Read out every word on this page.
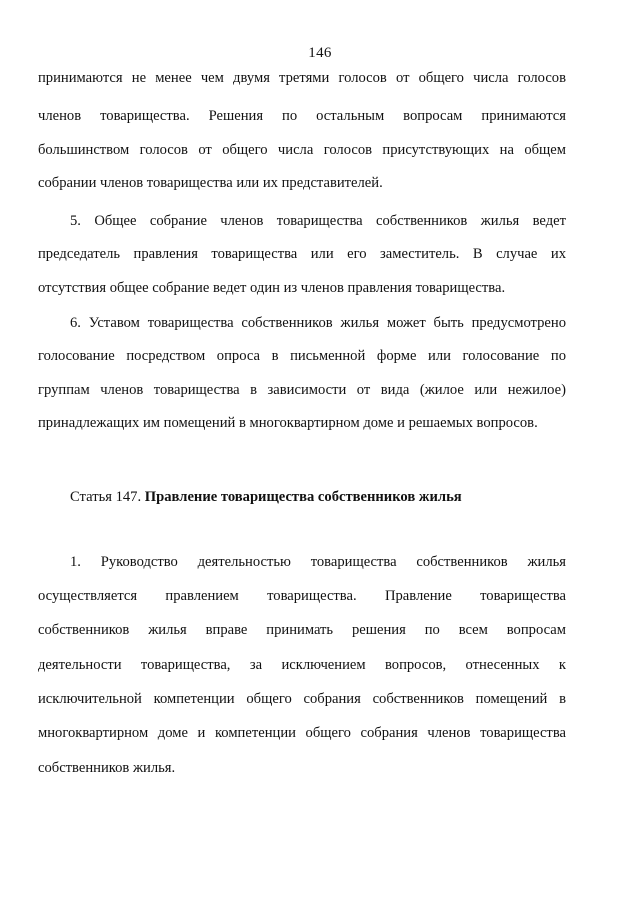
146
принимаются не менее чем двумя третями голосов от общего числа голосов
членов товарищества. Решения по остальным вопросам принимаются
большинством голосов от общего числа голосов присутствующих на общем
собрании членов товарищества или их представителей.
5. Общее собрание членов товарищества собственников жилья ведет
председатель правления товарищества или его заместитель. В случае их
отсутствия общее собрание ведет один из членов правления товарищества.
6. Уставом товарищества собственников жилья может быть предусмотрено
голосование посредством опроса в письменной форме или голосование по
группам членов товарищества в зависимости от вида (жилое или нежилое)
принадлежащих им помещений в многоквартирном доме и решаемых вопросов.
Статья 147. Правление товарищества собственников жилья
1. Руководство деятельностью товарищества собственников жилья
осуществляется правлением товарищества. Правление товарищества
собственников жилья вправе принимать решения по всем вопросам
деятельности товарищества, за исключением вопросов, отнесенных к
исключительной компетенции общего собрания собственников помещений в
многоквартирном доме и компетенции общего собрания членов товарищества
собственников жилья.
